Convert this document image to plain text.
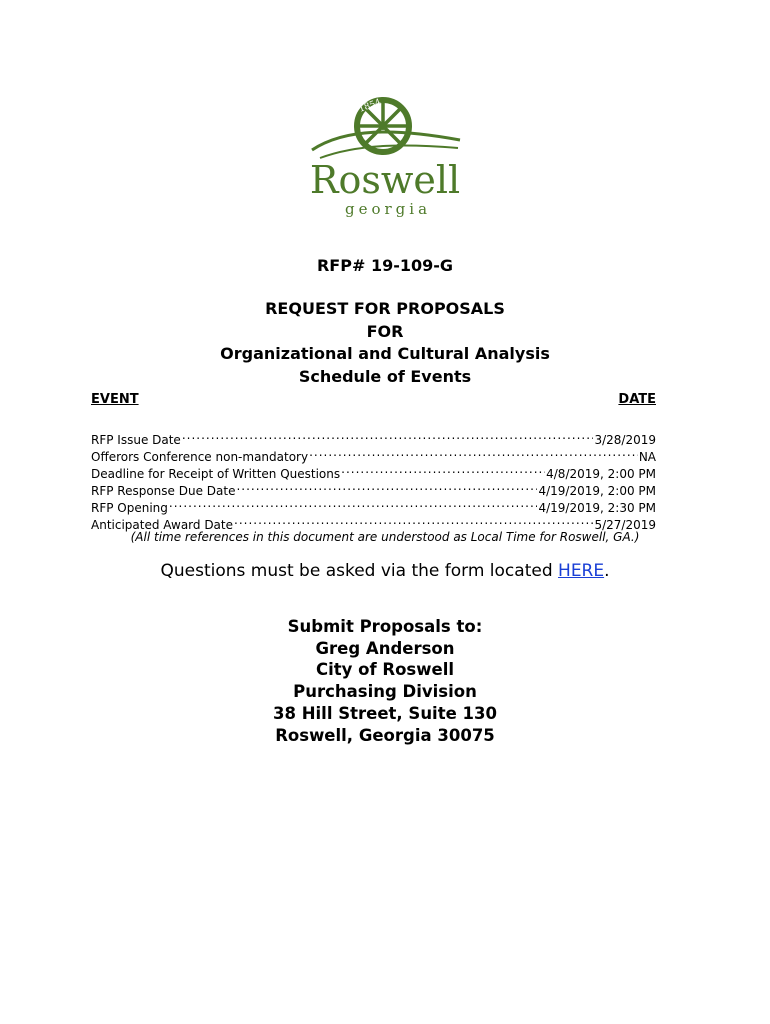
1854
Roswell
georgia
RFP# 19-109-G
REQUEST FOR PROPOSALS
FOR
Organizational and Cultural Analysis
Schedule of Events
EVENT	DATE
RFP Issue Date .....	3/28/2019
Offerors Conference non-mandatory .....	NA
Deadline for Receipt of Written Questions .....	4/8/2019, 2:00 PM
RFP Response Due Date .....	4/19/2019, 2:00 PM
RFP Opening .....	4/19/2019, 2:30 PM
Anticipated Award Date .....	5/27/2019
(All time references in this document are understood as Local Time for Roswell, GA.)
Questions must be asked via the form located HERE.
Submit Proposals to:
Greg Anderson
City of Roswell
Purchasing Division
38 Hill Street, Suite 130
Roswell, Georgia 30075
